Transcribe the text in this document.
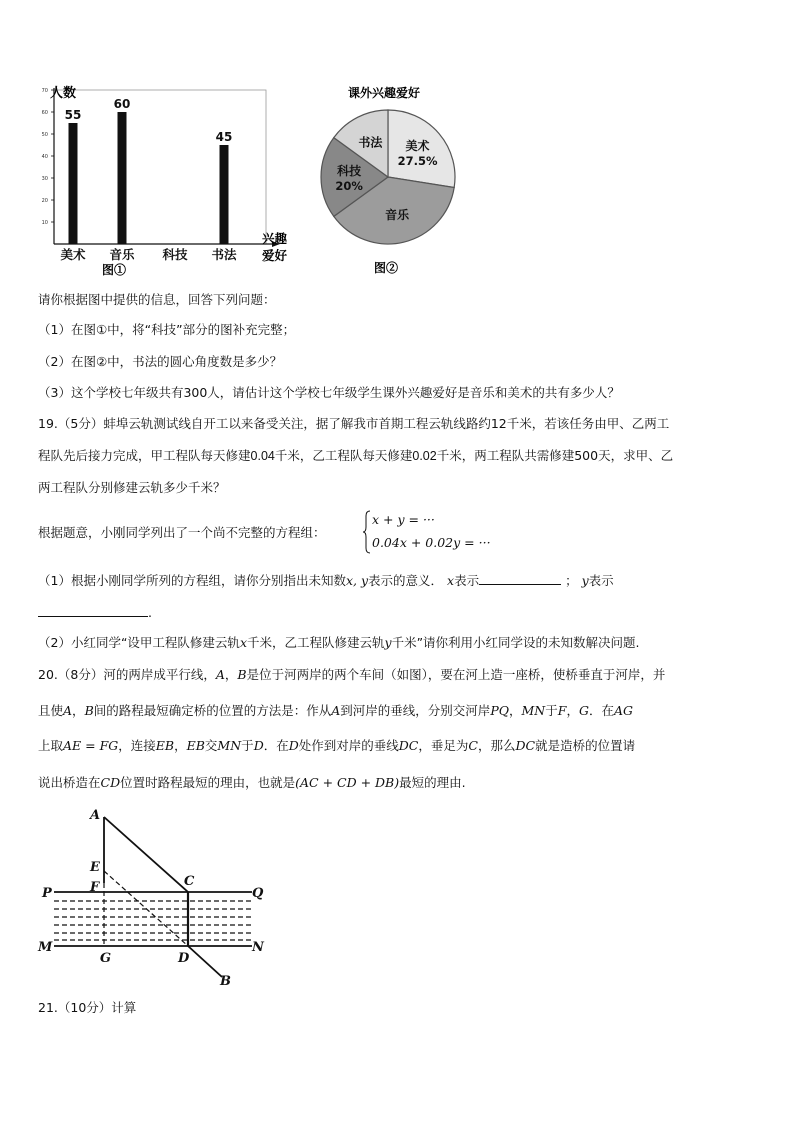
10
20
30
40
50
60
70
55
美术
60
音乐 科技
45
书法
人数
兴趣
爱好
图①
课外兴趣爱好
美术
27.5%
音乐
科技
20%
书法
图②
请你根据图中提供的信息，回答下列问题：
（1）在图①中，将“科技”部分的图补充完整；
（2）在图②中，书法的圆心角度数是多少？
（3）这个学校七年级共有300人，请估计这个学校七年级学生课外兴趣爱好是音乐和美术的共有多少人？
19.（5分）蚌埠云轨测试线自开工以来备受关注，据了解我市首期工程云轨线路约12千米，若该任务由甲、乙两工
程队先后接力完成，甲工程队每天修建0.04千米，乙工程队每天修建0.02千米，两工程队共需修建500天，求甲、乙
两工程队分别修建云轨多少千米？
根据题意，小刚同学列出了一个尚不完整的方程组：
x + y = ···
0.04x + 0.02y = ···
（1）根据小刚同学所列的方程组，请你分别指出未知数x, y表示的意义． x表示	； y表示
.
（2）小红同学“设甲工程队修建云轨x千米，乙工程队修建云轨y千米”请你利用小红同学设的未知数解决问题.
20.（8分）河的两岸成平行线，A，B是位于河两岸的两个车间（如图），要在河上造一座桥，使桥垂直于河岸，并
且使A，B间的路程最短确定桥的位置的方法是：作从A到河岸的垂线，分别交河岸PQ，MN于F，G．在AG
上取AE = FG，连接EB，EB交MN于D．在D处作到对岸的垂线DC，垂足为C，那么DC就是造桥的位置请
说出桥造在CD位置时路程最短的理由，也就是(AC + CD + DB)最短的理由.
A
E
F
P
C
Q
M
G	D
N
B
21.（10分）计算
